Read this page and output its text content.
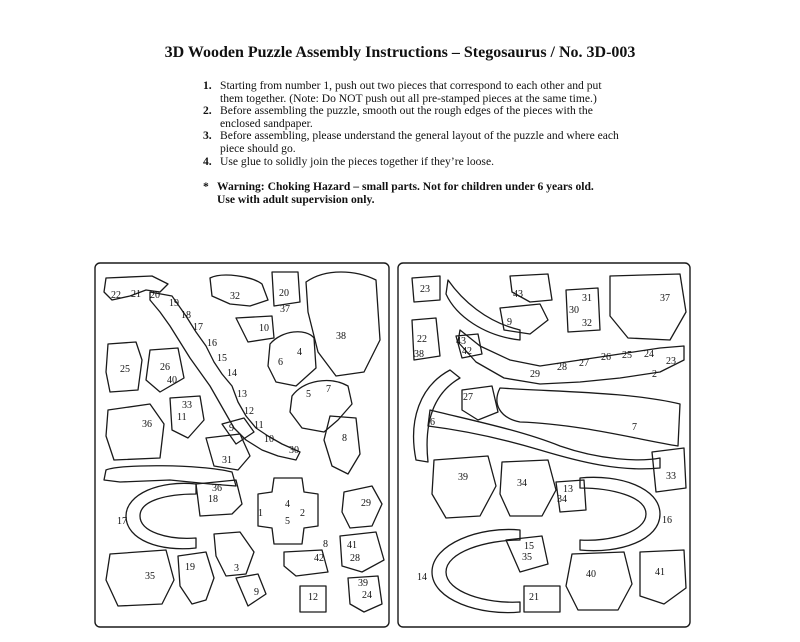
3D Wooden Puzzle Assembly Instructions – Stegosaurus / No. 3D-003
1. Starting from number 1, push out two pieces that correspond to each other and put them together. (Note: Do NOT push out all pre-stamped pieces at the same time.)
2. Before assembling the puzzle, smooth out the rough edges of the pieces with the enclosed sandpaper.
3. Before assembling, please understand the general layout of the puzzle and where each piece should go.
4. Use glue to solidly join the pieces together if they’re loose.
* Warning: Choking Hazard – small parts. Not for children under 6 years old.
Use with adult supervision only.
22 21 20
19
18
17
16
15
14
13
12
11
10
32	20
37
10
38
6
4
7
5
8
25	26
40
33
11
36	9
31
30
36
18
17
29
1
4
2
5
8
3
42
41
28
35
19
9	12
39
24
23
22
38
43
9
31
30
32
37
43
42
29
28 27
26 25 24
23
2
27
6	7
39
34
13
34
33
16
15
35
14	40	41
21
